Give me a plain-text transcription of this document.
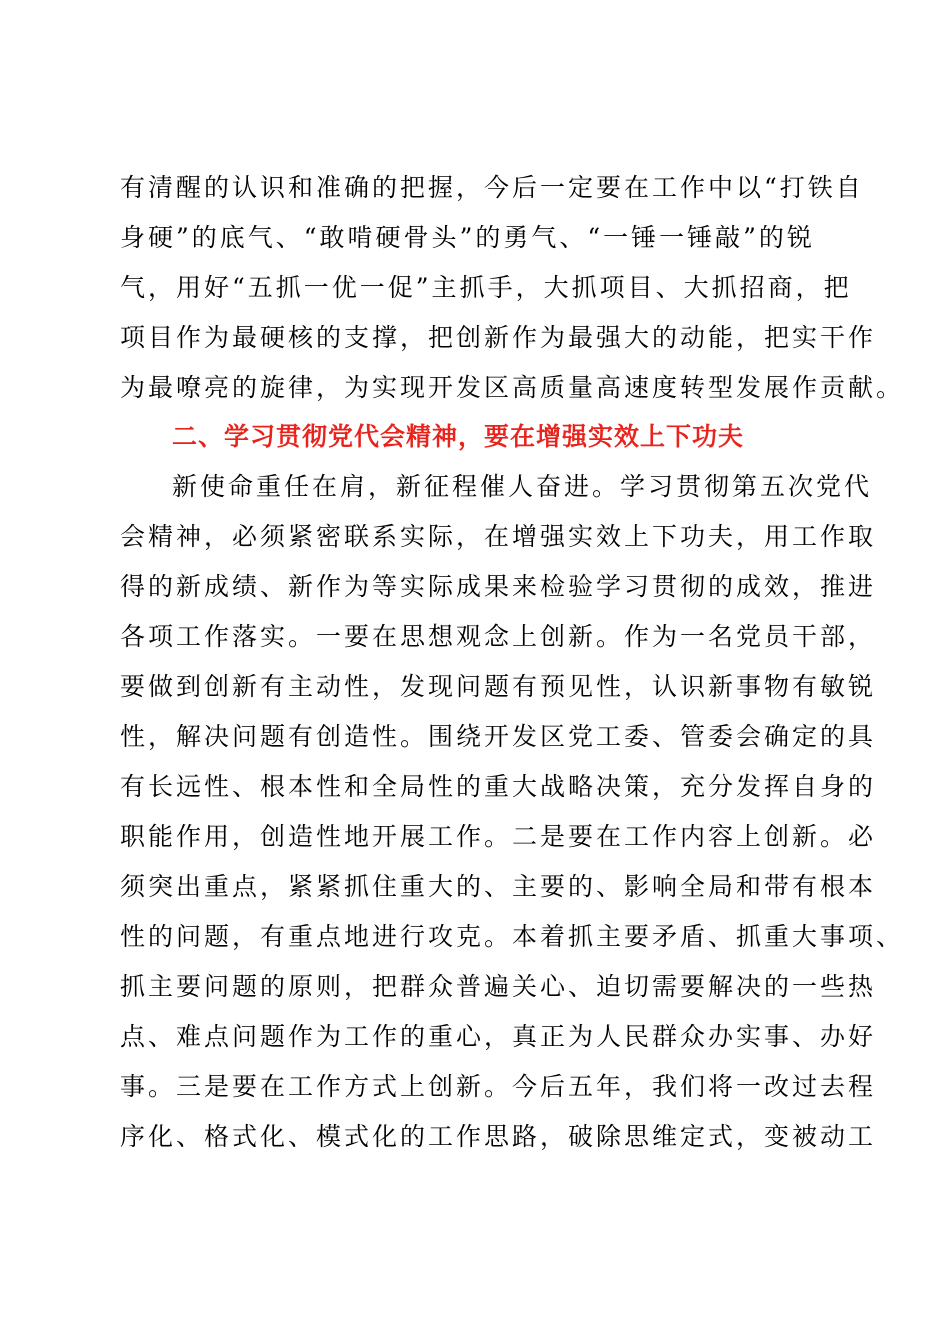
有清醒的认识和准确的把握，今后一定要在工作中以“打铁自
身硬”的底气、“敢啃硬骨头”的勇气、“一锤一锤敲”的锐
气，用好“五抓一优一促”主抓手，大抓项目、大抓招商，把
项目作为最硬核的支撑，把创新作为最强大的动能，把实干作
为最嘹亮的旋律，为实现开发区高质量高速度转型发展作贡献。
二、学习贯彻党代会精神，要在增强实效上下功夫
新使命重任在肩，新征程催人奋进。学习贯彻第五次党代
会精神，必须紧密联系实际，在增强实效上下功夫，用工作取
得的新成绩、新作为等实际成果来检验学习贯彻的成效，推进
各项工作落实。一要在思想观念上创新。作为一名党员干部，
要做到创新有主动性，发现问题有预见性，认识新事物有敏锐
性，解决问题有创造性。围绕开发区党工委、管委会确定的具
有长远性、根本性和全局性的重大战略决策，充分发挥自身的
职能作用，创造性地开展工作。二是要在工作内容上创新。必
须突出重点，紧紧抓住重大的、主要的、影响全局和带有根本
性的问题，有重点地进行攻克。本着抓主要矛盾、抓重大事项、
抓主要问题的原则，把群众普遍关心、迫切需要解决的一些热
点、难点问题作为工作的重心，真正为人民群众办实事、办好
事。三是要在工作方式上创新。今后五年，我们将一改过去程
序化、格式化、模式化的工作思路，破除思维定式，变被动工
